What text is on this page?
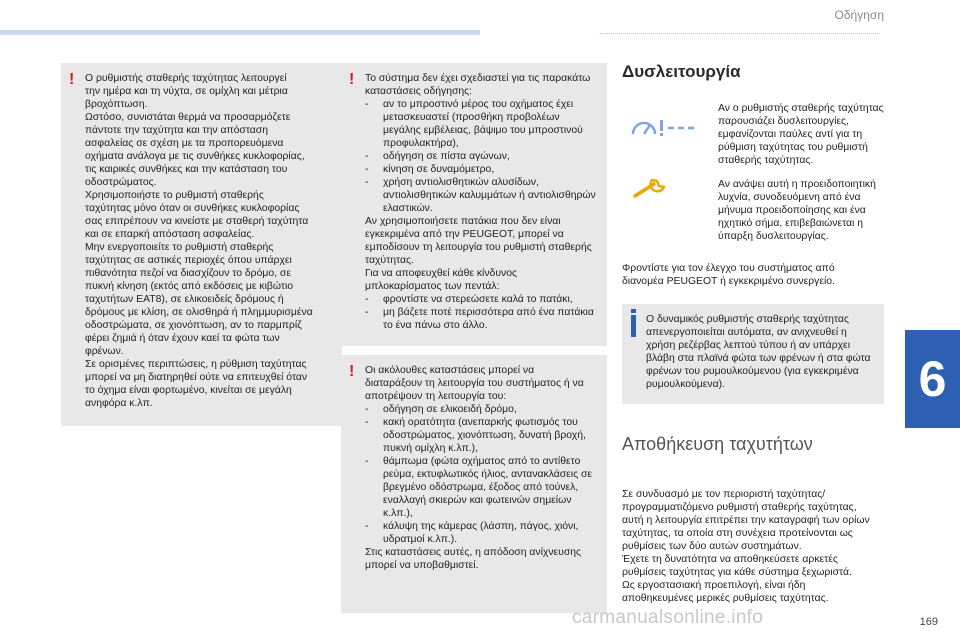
Οδήγηση
! Ο ρυθμιστής σταθερής ταχύτητας λειτουργεί
την ημέρα και τη νύχτα, σε ομίχλη και μέτρια
βροχόπτωση.
Ωστόσο, συνιστάται θερμά να προσαρμόζετε
πάντοτε την ταχύτητα και την απόσταση
ασφαλείας σε σχέση με τα προπορευόμενα
οχήματα ανάλογα με τις συνθήκες κυκλοφορίας,
τις καιρικές συνθήκες και την κατάσταση του
οδοστρώματος.
Χρησιμοποιήστε το ρυθμιστή σταθερής
ταχύτητας μόνο όταν οι συνθήκες κυκλοφορίας
σας επιτρέπουν να κινείστε με σταθερή ταχύτητα
και σε επαρκή απόσταση ασφαλείας.
Μην ενεργοποιείτε το ρυθμιστή σταθερής
ταχύτητας σε αστικές περιοχές όπου υπάρχει
πιθανότητα πεζοί να διασχίζουν το δρόμο, σε
πυκνή κίνηση (εκτός από εκδόσεις με κιβώτιο
ταχυτήτων EAT8), σε ελικοειδείς δρόμους ή
δρόμους με κλίση, σε ολισθηρά ή πλημμυρισμένα
οδοστρώματα, σε χιονόπτωση, αν το παρμπρίζ
φέρει ζημιά ή όταν έχουν καεί τα φώτα των
φρένων.
Σε ορισμένες περιπτώσεις, η ρύθμιση ταχύτητας
μπορεί να μη διατηρηθεί ούτε να επιτευχθεί όταν
το όχημα είναι φορτωμένο, κινείται σε μεγάλη
ανηφόρα κ.λπ.
! Το σύστημα δεν έχει σχεδιαστεί για τις παρακάτω
καταστάσεις οδήγησης:
- αν το μπροστινό μέρος του οχήματος έχει μετασκευαστεί (προσθήκη προβολέων μεγάλης εμβέλειας, βάψιμο του μπροστινού προφυλακτήρα),
- οδήγηση σε πίστα αγώνων,
- κίνηση σε δυναμόμετρο,
- χρήση αντιολισθητικών αλυσίδων, αντιολισθητικών καλυμμάτων ή αντιολισθηρών ελαστικών.
Αν χρησιμοποιήσετε πατάκια που δεν είναι
εγκεκριμένα από την PEUGEOT, μπορεί να
εμποδίσουν τη λειτουργία του ρυθμιστή σταθερής
ταχύτητας.
Για να αποφευχθεί κάθε κίνδυνος
μπλοκαρίσματος των πεντάλ:
- φροντίστε να στερεώσετε καλά το πατάκι,
- μη βάζετε ποτέ περισσότερα από ένα πατάκια το ένα πάνω στο άλλο.
! Οι ακόλουθες καταστάσεις μπορεί να
διαταράξουν τη λειτουργία του συστήματος ή να
αποτρέψουν τη λειτουργία του:
- οδήγηση σε ελικοειδή δρόμο,
- κακή ορατότητα (ανεπαρκής φωτισμός του οδοστρώματος, χιονόπτωση, δυνατή βροχή, πυκνή ομίχλη κ.λπ.),
- θάμπωμα (φώτα οχήματος από το αντίθετο ρεύμα, εκτυφλωτικός ήλιος, αντανακλάσεις σε βρεγμένο οδόστρωμα, έξοδος από τούνελ, εναλλαγή σκιερών και φωτεινών σημείων κ.λπ.),
- κάλυψη της κάμερας (λάσπη, πάγος, χιόνι, υδρατμοί κ.λπ.).
Στις καταστάσεις αυτές, η απόδοση ανίχνευσης
μπορεί να υποβαθμιστεί.
Δυσλειτουργία
Αν ο ρυθμιστής σταθερής ταχύτητας
παρουσιάζει δυσλειτουργίες,
εμφανίζονται παύλες αντί για τη
ρύθμιση ταχύτητας του ρυθμιστή
σταθερής ταχύτητας.
Αν ανάψει αυτή η προειδοποιητική
λυχνία, συνοδευόμενη από ένα
μήνυμα προειδοποίησης και ένα
ηχητικό σήμα, επιβεβαιώνεται η
ύπαρξη δυσλειτουργίας.
Φροντίστε για τον έλεγχο του συστήματος από
διανομέα PEUGEOT ή εγκεκριμένο συνεργείο.
Ο δυναμικός ρυθμιστής σταθερής ταχύτητας
απενεργοποιείται αυτόματα, αν ανιχνευθεί η
χρήση ρεζέρβας λεπτού τύπου ή αν υπάρχει
βλάβη στα πλαϊνά φώτα των φρένων ή στα φώτα
φρένων του ρυμουλκούμενου (για εγκεκριμένα
ρυμουλκούμενα).
Αποθήκευση ταχυτήτων
Σε συνδυασμό με τον περιοριστή ταχύτητας/
προγραμματιζόμενο ρυθμιστή σταθερής ταχύτητας,
αυτή η λειτουργία επιτρέπει την καταγραφή των ορίων
ταχύτητας, τα οποία στη συνέχεια προτείνονται ως
ρυθμίσεις των δύο αυτών συστημάτων.
Έχετε τη δυνατότητα να αποθηκεύσετε αρκετές
ρυθμίσεις ταχύτητας για κάθε σύστημα ξεχωριστά.
Ως εργοστασιακή προεπιλογή, είναι ήδη
αποθηκευμένες μερικές ρυθμίσεις ταχύτητας.
6
carmanualsonline.info	169
